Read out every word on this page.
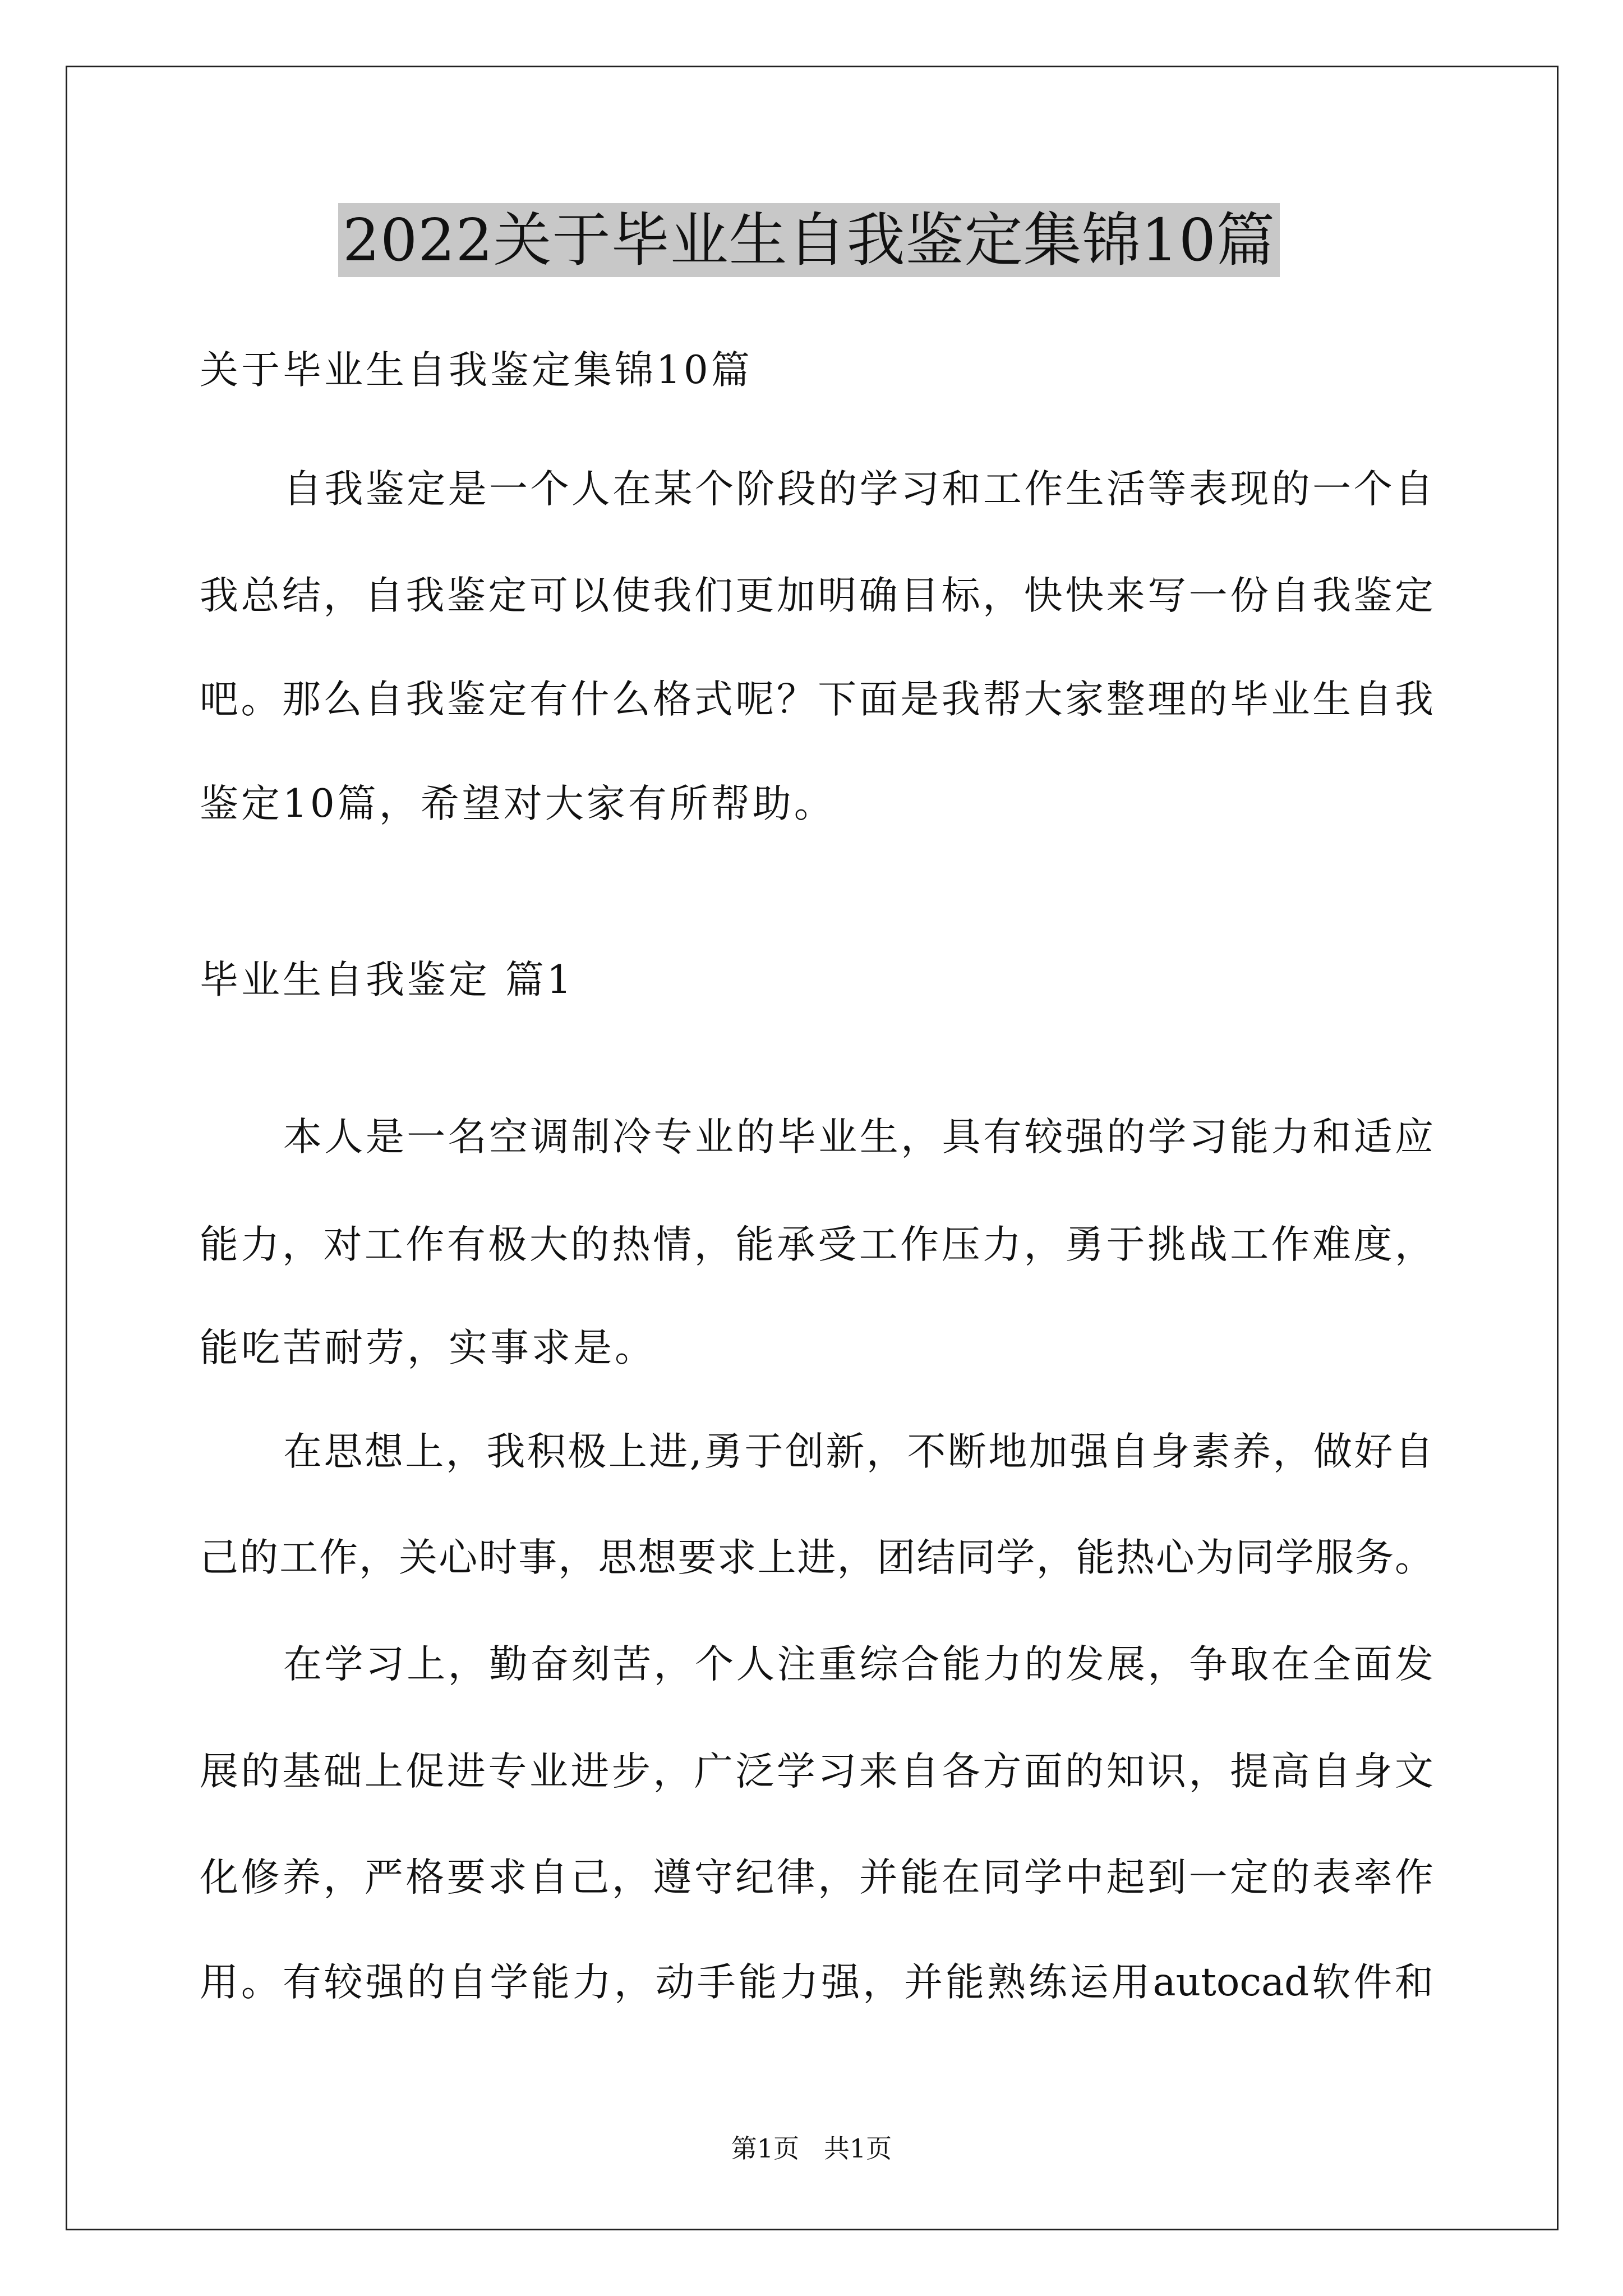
2022关于毕业生自我鉴定集锦10篇
关于毕业生自我鉴定集锦10篇
自我鉴定是一个人在某个阶段的学习和工作生活等表现的一个自
我总结，自我鉴定可以使我们更加明确目标，快快来写一份自我鉴定
吧。那么自我鉴定有什么格式呢？下面是我帮大家整理的毕业生自我
鉴定10篇，希望对大家有所帮助。
毕业生自我鉴定 篇1
本人是一名空调制冷专业的毕业生，具有较强的学习能力和适应
能力，对工作有极大的热情，能承受工作压力，勇于挑战工作难度，
能吃苦耐劳，实事求是。
在思想上，我积极上进,勇于创新，不断地加强自身素养，做好自
己的工作，关心时事，思想要求上进，团结同学，能热心为同学服务。
在学习上，勤奋刻苦，个人注重综合能力的发展，争取在全面发
展的基础上促进专业进步，广泛学习来自各方面的知识，提高自身文
化修养，严格要求自己，遵守纪律，并能在同学中起到一定的表率作
用。有较强的自学能力，动手能力强，并能熟练运用autocad软件和
第1页   共1页
